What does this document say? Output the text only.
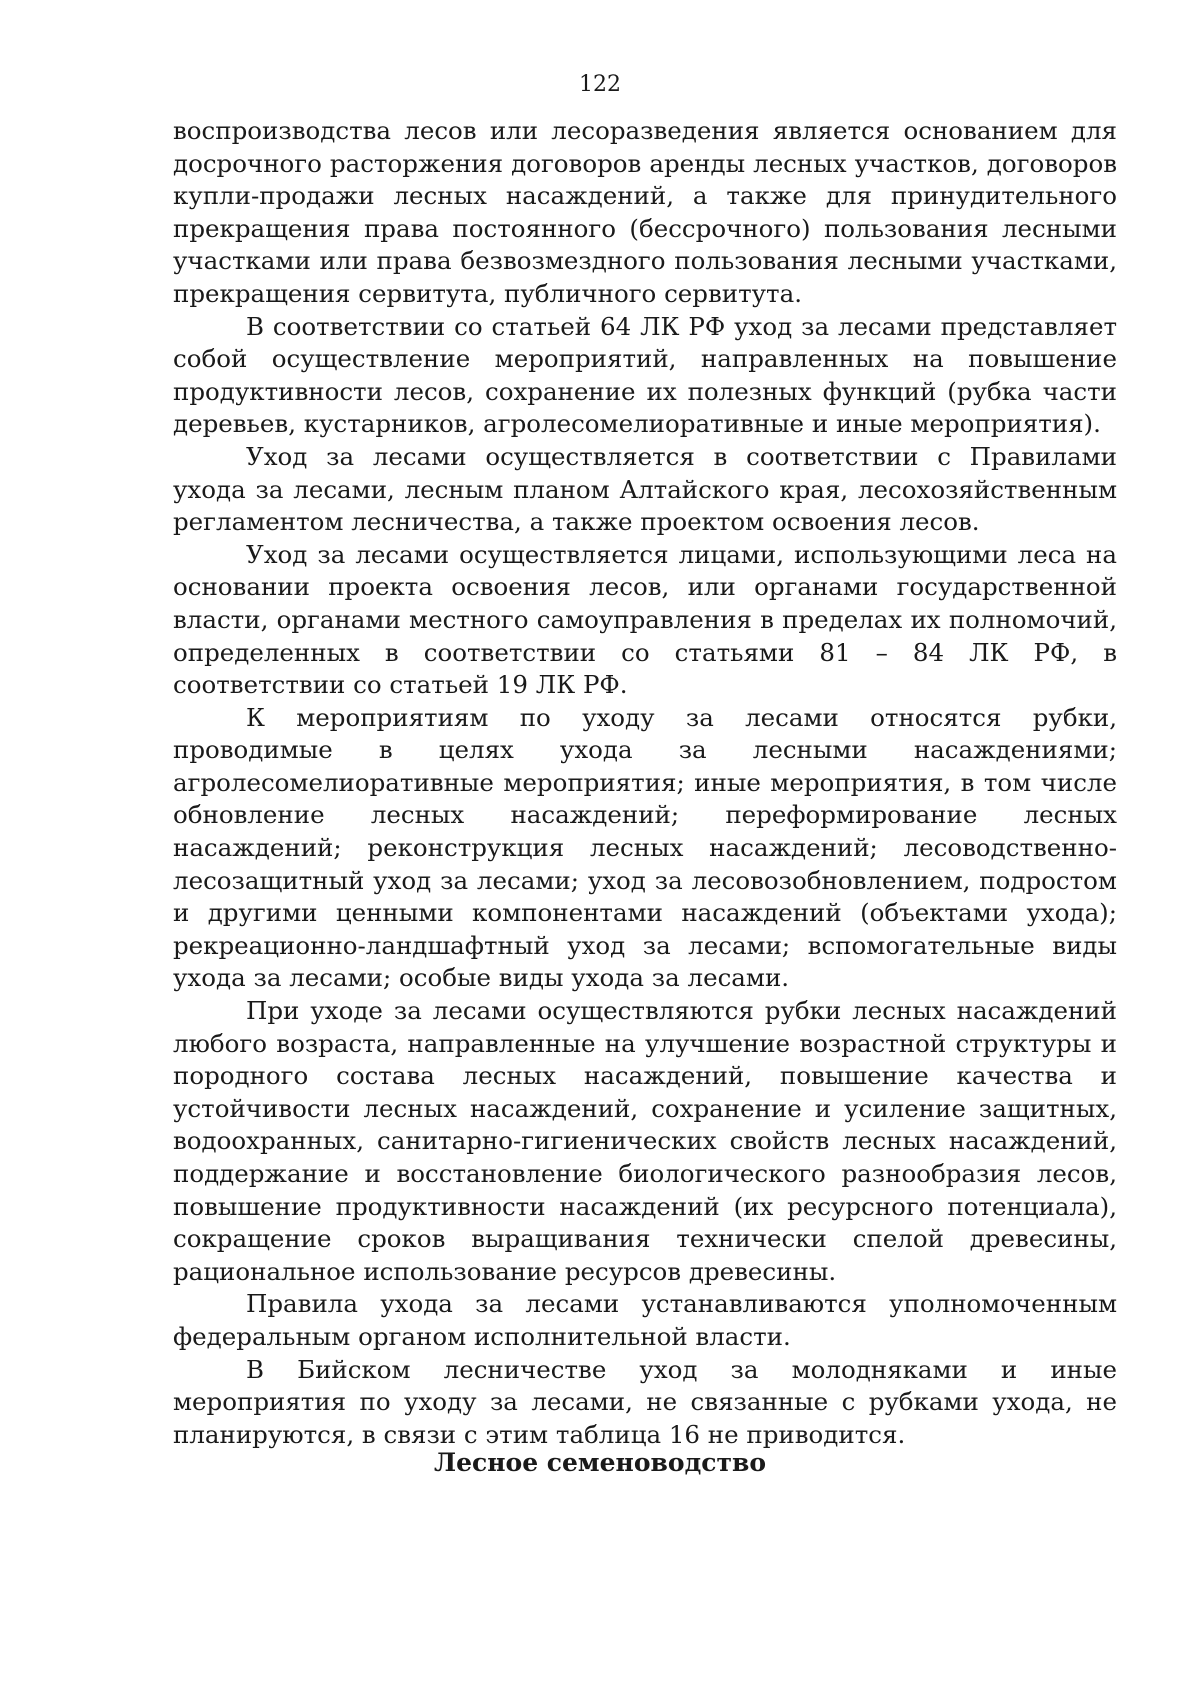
122

воспроизводства лесов или лесоразведения является основанием для досрочного расторжения договоров аренды лесных участков, договоров купли-продажи лесных насаждений, а также для принудительного прекращения права постоянного (бессрочного) пользования лесными участками или права безвозмездного пользования лесными участками, прекращения сервитута, публичного сервитута.

В соответствии со статьей 64 ЛК РФ уход за лесами представляет собой осуществление мероприятий, направленных на повышение продуктивности лесов, сохранение их полезных функций (рубка части деревьев, кустарников, агролесомелиоративные и иные мероприятия).

Уход за лесами осуществляется в соответствии с Правилами ухода за лесами, лесным планом Алтайского края, лесохозяйственным регламентом лесничества, а также проектом освоения лесов.

Уход за лесами осуществляется лицами, использующими леса на основании проекта освоения лесов, или органами государственной власти, органами местного самоуправления в пределах их полномочий, определенных в соответствии со статьями 81 – 84 ЛК РФ, в соответствии со статьей 19 ЛК РФ.

К мероприятиям по уходу за лесами относятся рубки, проводимые в целях ухода за лесными насаждениями; агролесомелиоративные мероприятия; иные мероприятия, в том числе обновление лесных насаждений; переформирование лесных насаждений; реконструкция лесных насаждений; лесоводственно-лесозащитный уход за лесами; уход за лесовозобновлением, подростом и другими ценными компонентами насаждений (объектами ухода); рекреационно-ландшафтный уход за лесами; вспомогательные виды ухода за лесами; особые виды ухода за лесами.

При уходе за лесами осуществляются рубки лесных насаждений любого возраста, направленные на улучшение возрастной структуры и породного состава лесных насаждений, повышение качества и устойчивости лесных насаждений, сохранение и усиление защитных, водоохранных, санитарно-гигиенических свойств лесных насаждений, поддержание и восстановление биологического разнообразия лесов, повышение продуктивности насаждений (их ресурсного потенциала), сокращение сроков выращивания технически спелой древесины, рациональное использование ресурсов древесины.

Правила ухода за лесами устанавливаются уполномоченным федеральным органом исполнительной власти.

В Бийском лесничестве уход за молодняками и иные мероприятия по уходу за лесами, не связанные с рубками ухода, не планируются, в связи с этим таблица 16 не приводится.

Лесное семеноводство
